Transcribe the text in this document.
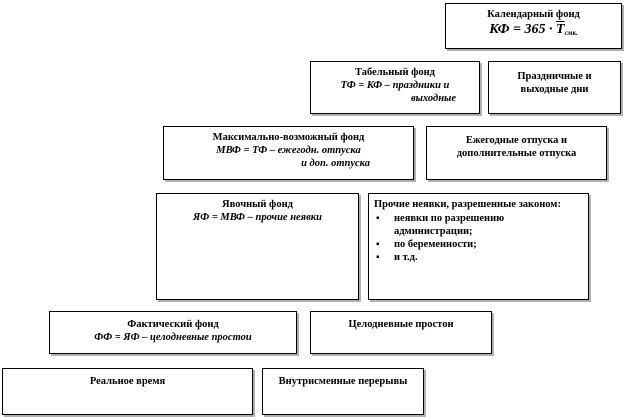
Календарный фонд
КФ = $365 \cdot \overline{T}_{смк.}$
Табельный фонд
ТФ = КФ – праздники и
выходные
Праздничные и выходные дни
Максимально-возможный фонд
МВФ = ТФ – ежегодн. отпуска
и доп. отпуска
Ежегодные отпуска и дополнительные отпуска
Явочный фонд
ЯФ = МВФ – прочие неявки
Прочие неявки, разрешенные законом:
▪ неявки по разрешению администрации;
▪ по беременности;
▪ и т.д.
Фактический фонд
ФФ = ЯФ – целодневные простои
Целодневные простои
Реальное время	Внутрисменные перерывы
